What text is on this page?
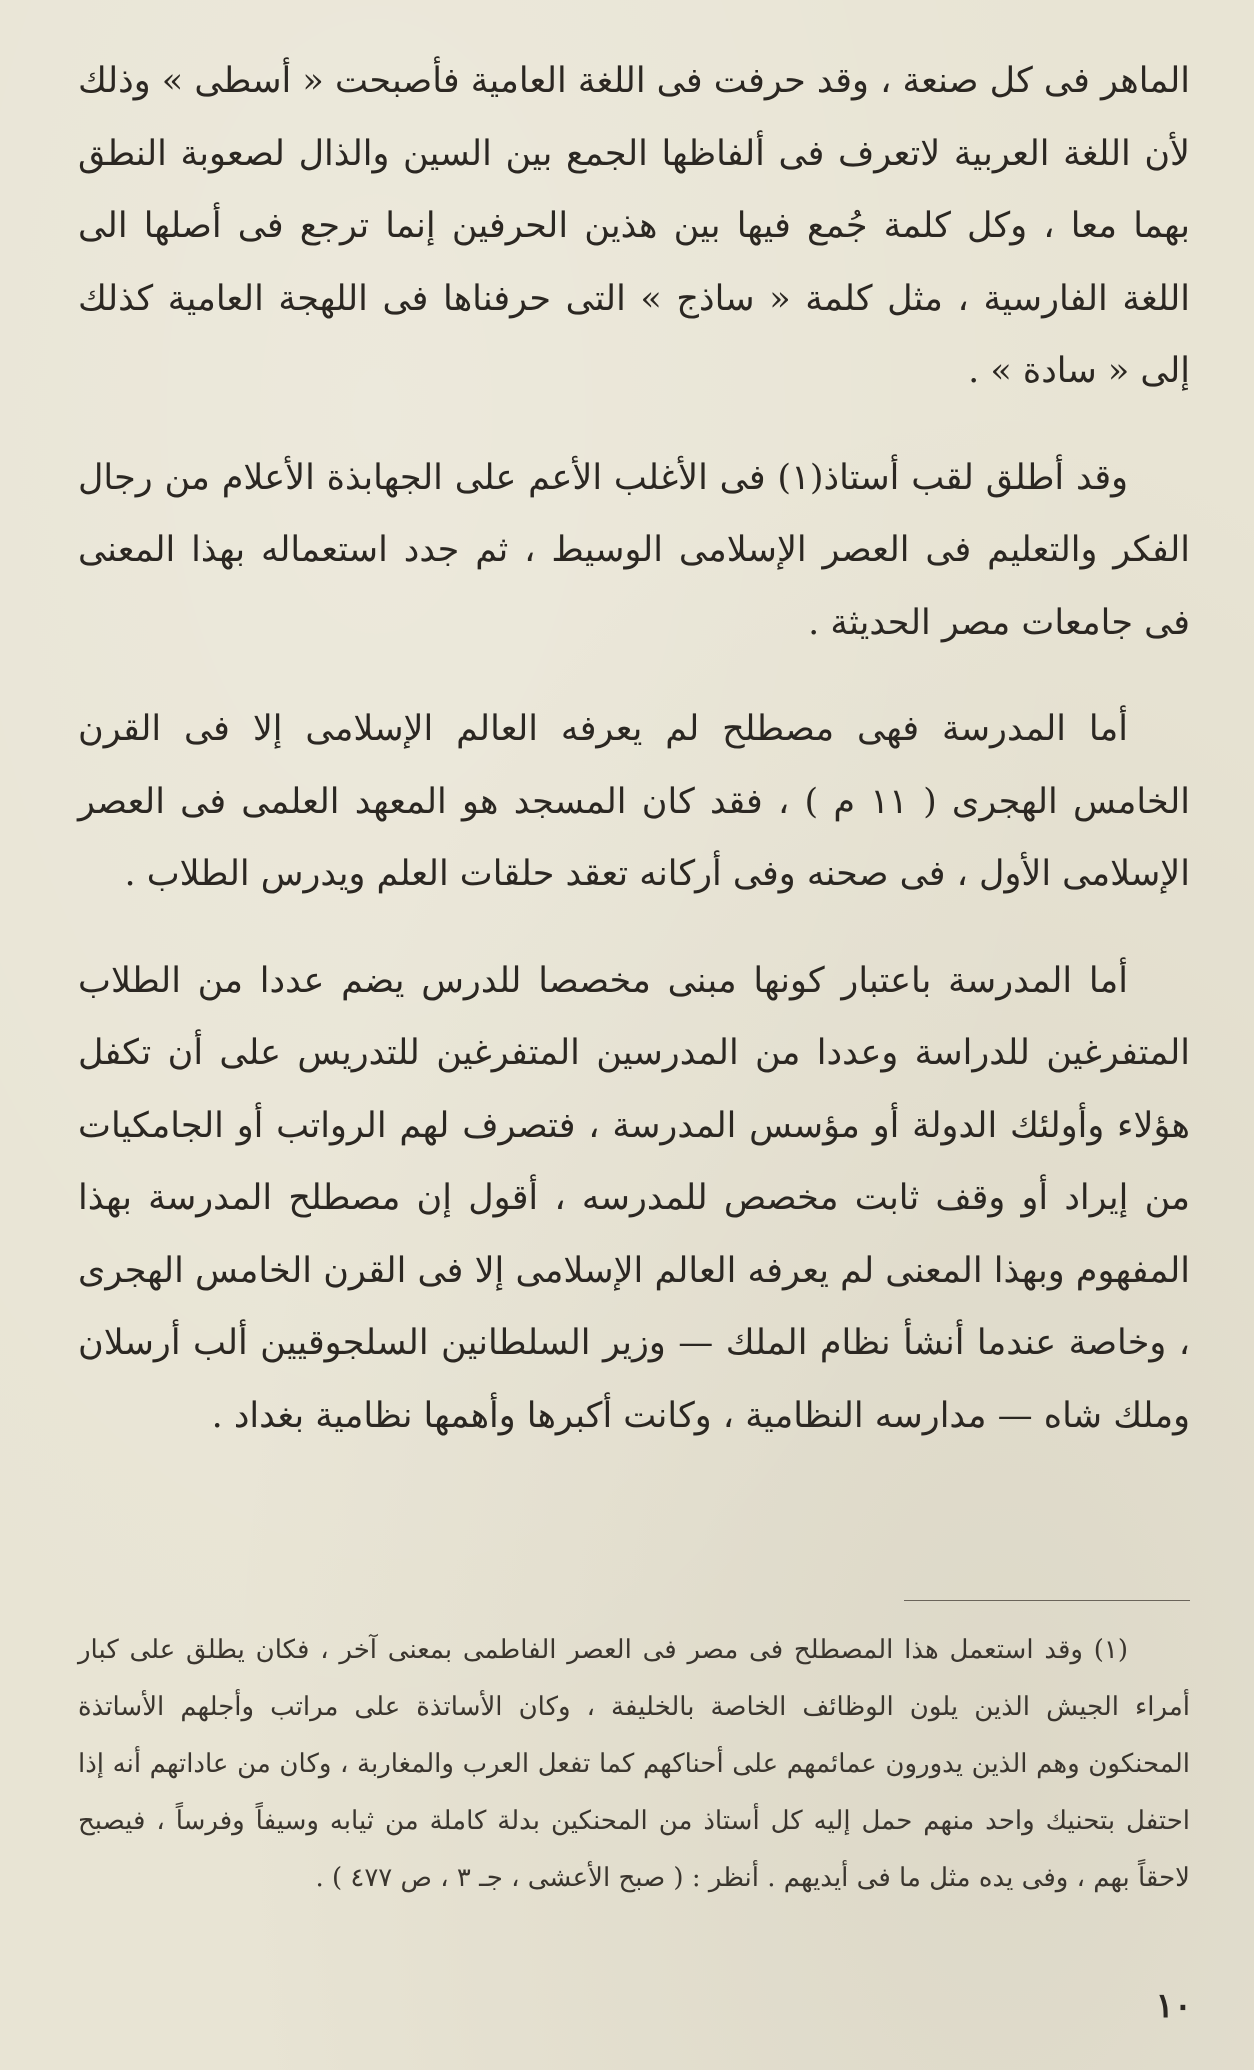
الماهر فى كل صنعة ، وقد حرفت فى اللغة العامية فأصبحت « أسطى » وذلك لأن اللغة العربية لاتعرف فى ألفاظها الجمع بين السين والذال لصعوبة النطق بهما معا ، وكل كلمة جُمع فيها بين هذين الحرفين إنما ترجع فى أصلها الى اللغة الفارسية ، مثل كلمة « ساذج » التى حرفناها فى اللهجة العامية كذلك إلى « سادة » .

وقد أطلق لقب أستاذ(١) فى الأغلب الأعم على الجهابذة الأعلام من رجال الفكر والتعليم فى العصر الإسلامى الوسيط ، ثم جدد استعماله بهذا المعنى فى جامعات مصر الحديثة .

أما المدرسة فهى مصطلح لم يعرفه العالم الإسلامى إلا فى القرن الخامس الهجرى ( ١١ م ) ، فقد كان المسجد هو المعهد العلمى فى العصر الإسلامى الأول ، فى صحنه وفى أركانه تعقد حلقات العلم ويدرس الطلاب .

أما المدرسة باعتبار كونها مبنى مخصصا للدرس يضم عددا من الطلاب المتفرغين للدراسة وعددا من المدرسين المتفرغين للتدريس على أن تكفل هؤلاء وأولئك الدولة أو مؤسس المدرسة ، فتصرف لهم الرواتب أو الجامكيات من إيراد أو وقف ثابت مخصص للمدرسه ، أقول إن مصطلح المدرسة بهذا المفهوم وبهذا المعنى لم يعرفه العالم الإسلامى إلا فى القرن الخامس الهجرى ، وخاصة عندما أنشأ نظام الملك — وزير السلطانين السلجوقيين ألب أرسلان وملك شاه — مدارسه النظامية ، وكانت أكبرها وأهمها نظامية بغداد .

(١) وقد استعمل هذا المصطلح فى مصر فى العصر الفاطمى بمعنى آخر ، فكان يطلق على كبار أمراء الجيش الذين يلون الوظائف الخاصة بالخليفة ، وكان الأساتذة على مراتب وأجلهم الأساتذة المحنكون وهم الذين يدورون عمائمهم على أحناكهم كما تفعل العرب والمغاربة ، وكان من عاداتهم أنه إذا احتفل بتحنيك واحد منهم حمل إليه كل أستاذ من المحنكين بدلة كاملة من ثيابه وسيفاً وفرساً ، فيصبح لاحقاً بهم ، وفى يده مثل ما فى أيديهم . أنظر : ( صبح الأعشى ، جـ ٣ ، ص ٤٧٧ ) .

١٠
